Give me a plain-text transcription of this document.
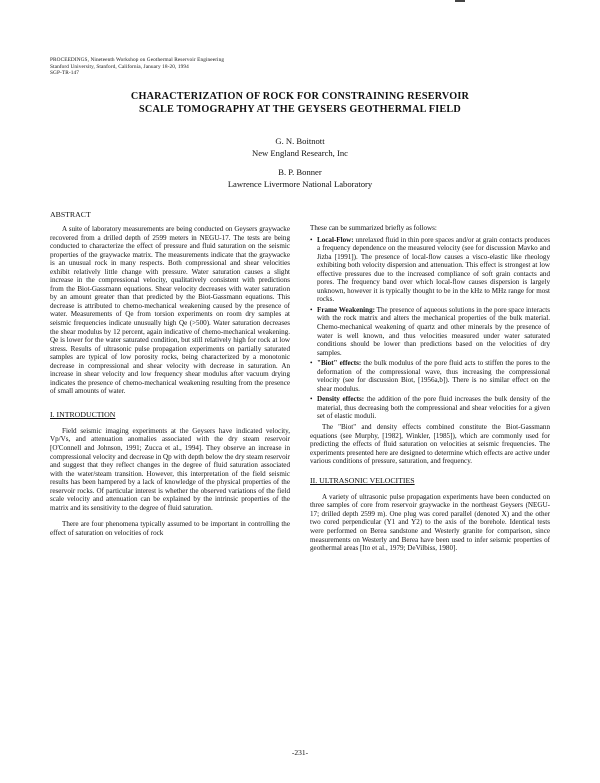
PROCEEDINGS, Nineteenth Workshop on Geothermal Reservoir Engineering
Stanford University, Stanford, California, January 18-20, 1994
SGP-TR-147
CHARACTERIZATION OF ROCK FOR CONSTRAINING RESERVOIR
SCALE TOMOGRAPHY AT THE GEYSERS GEOTHERMAL FIELD
G. N. Boitnott
New England Research, Inc
B. P. Bonner
Lawrence Livermore National Laboratory

ABSTRACT

A suite of laboratory measurements are being conducted on Geysers graywacke recovered from a drilled depth of 2599 meters in NEGU-17. The tests are being conducted to characterize the effect of pressure and fluid saturation on the seismic properties of the graywacke matrix. The measurements indicate that the graywacke is an unusual rock in many respects. Both compressional and shear velocities exhibit relatively little change with pressure. Water saturation causes a slight increase in the compressional velocity, qualitatively consistent with predictions from the Biot-Gassmann equations. Shear velocity decreases with water saturation by an amount greater than that predicted by the Biot-Gassmann equations. This decrease is attributed to chemo-mechanical weakening caused by the presence of water. Measurements of Qe from torsion experiments on room dry samples at seismic frequencies indicate unusually high Qe (>500). Water saturation decreases the shear modulus by 12 percent, again indicative of chemo-mechanical weakening. Qe is lower for the water saturated condition, but still relatively high for rock at low stress. Results of ultrasonic pulse propagation experiments on partially saturated samples are typical of low porosity rocks, being characterized by a monotonic decrease in compressional and shear velocity with decrease in saturation. An increase in shear velocity and low frequency shear modulus after vacuum drying indicates the presence of chemo-mechanical weakening resulting from the presence of small amounts of water.

I. INTRODUCTION

Field seismic imaging experiments at the Geysers have indicated velocity, Vp/Vs, and attenuation anomalies associated with the dry steam reservoir [O'Connell and Johnson, 1991; Zucca et al., 1994]. They observe an increase in compressional velocity and decrease in Qp with depth below the dry steam reservoir and suggest that they reflect changes in the degree of fluid saturation associated with the water/steam transition. However, this interpretation of the field seismic results has been hampered by a lack of knowledge of the physical properties of the reservoir rocks. Of particular interest is whether the observed variations of the field scale velocity and attenuation can be explained by the intrinsic properties of the matrix and its sensitivity to the degree of fluid saturation.

There are four phenomena typically assumed to be important in controlling the effect of saturation on velocities of rock

These can be summarized briefly as follows:

• Local-Flow: unrelaxed fluid in thin pore spaces and/or at grain contacts produces a frequency dependence on the measured velocity (see for discussion Mavko and Jizba [1991]). The presence of local-flow causes a visco-elastic like rheology exhibiting both velocity dispersion and attenuation. This effect is strongest at low effective pressures due to the increased compliance of soft grain contacts and pores. The frequency band over which local-flow causes dispersion is largely unknown, however it is typically thought to be in the kHz to MHz range for most rocks.

• Frame Weakening: The presence of aqueous solutions in the pore space interacts with the rock matrix and alters the mechanical properties of the bulk material. Chemo-mechanical weakening of quartz and other minerals by the presence of water is well known, and thus velocities measured under water saturated conditions should be lower than predictions based on the velocities of dry samples.

• "Biot" effects: the bulk modulus of the pore fluid acts to stiffen the pores to the deformation of the compressional wave, thus increasing the compressional velocity (see for discussion Biot, [1956a,b]). There is no similar effect on the shear modulus.

• Density effects: the addition of the pore fluid increases the bulk density of the material, thus decreasing both the compressional and shear velocities for a given set of elastic moduli.

The "Biot" and density effects combined constitute the Biot-Gassmann equations (see Murphy, [1982], Winkler, [1985]), which are commonly used for predicting the effects of fluid saturation on velocities at seismic frequencies. The experiments presented here are designed to determine which effects are active under various conditions of pressure, saturation, and frequency.

II. ULTRASONIC VELOCITIES

A variety of ultrasonic pulse propagation experiments have been conducted on three samples of core from reservoir graywacke in the northeast Geysers (NEGU-17; drilled depth 2599 m). One plug was cored parallel (denoted X) and the other two cored perpendicular (Y1 and Y2) to the axis of the borehole. Identical tests were performed on Berea sandstone and Westerly granite for comparison, since measurements on Westerly and Berea have been used to infer seismic properties of geothermal areas [Ito et al., 1979; DeVilbiss, 1980].

-231-
